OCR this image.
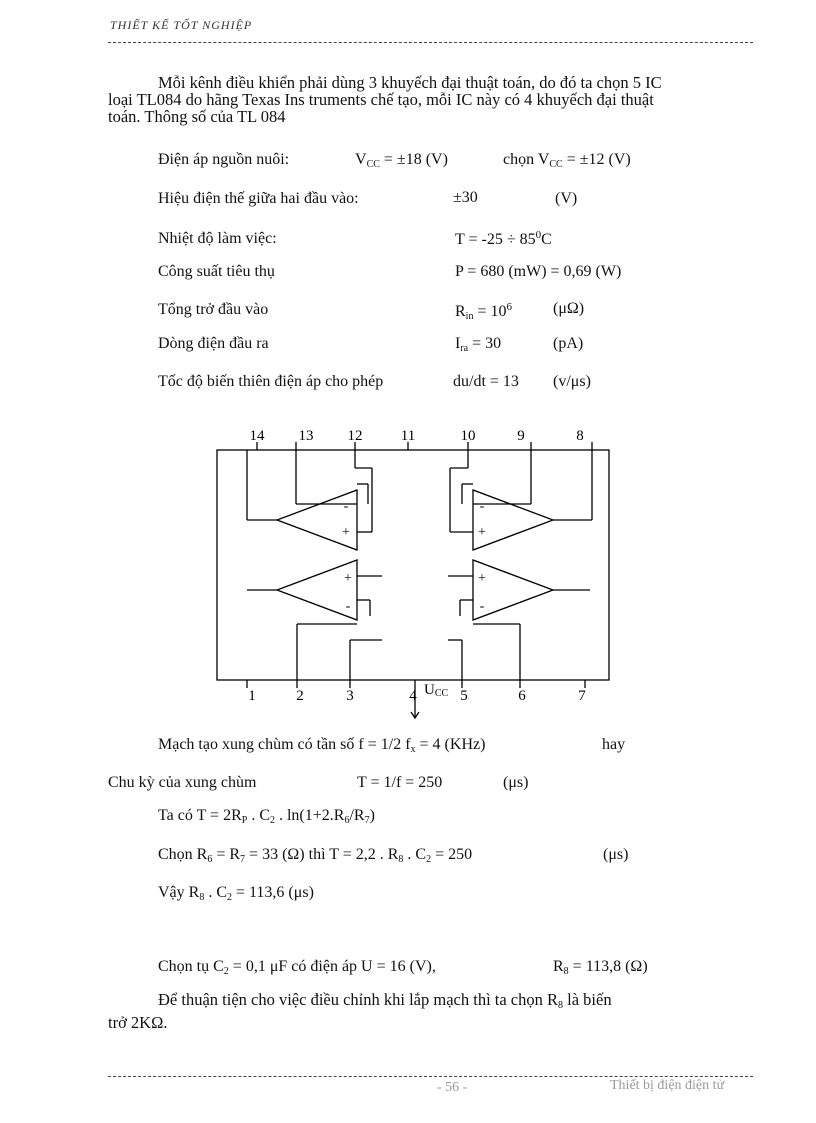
THIẾT KẾ TỐT NGHIỆP
Mỗi kênh điều khiển phải dùng 3 khuyếch đại thuật toán, do đó ta chọn 5 IC
loại TL084 do hãng Texas Ins truments chế tạo, mỗi IC này có 4 khuyếch đại thuật
toán. Thông số của TL 084
Điện áp nguồn nuôi:	$V_{CC} = \pm 18$ (V)	chọn $V_{CC} = \pm 12$ (V)
Hiệu điện thế giữa hai đầu vào:	±30	(V)
Nhiệt độ làm việc:	$T = -25 \div 85^0C$
Công suất tiêu thụ	P = 680 (mW) = 0,69 (W)
Tổng trở đầu vào	$R_{in} = 10^6$	(μΩ)
Dòng điện đầu ra	$I_{ra} = 30$	(pA)
Tốc độ biến thiên điện áp cho phép	du/dt = 13 (v/μs)
14 13 12	11	10	9	8
1	2	3	4	5	6	7
UCC
-
+
-
+
+
-
+
-
Mạch tạo xung chùm có tần số f = 1/2 $f_x = 4$ (KHz)	hay
Chu kỳ của xung chùm	T = 1/f = 250	(μs)
Ta có $T = 2R_P$ . $C_2$ . $\ln(1+2.R_6/R_7)$
Chọn $R_6 = R_7 = 33$ (Ω) thì T = 2,2 . $R_8$ . $C_2 = 250$	(μs)
Vậy $R_8$ . $C_2 = 113,6$ (μs)
Chọn tụ $C_2 = 0,1$ μF có điện áp U = 16 (V),	$R_8 = 113,8$ (Ω)
Để thuận tiện cho việc điều chỉnh khi lắp mạch thì ta chọn $R_8$ là biến
trở 2KΩ.
- 56 -	Thiết bị điện điện tử
